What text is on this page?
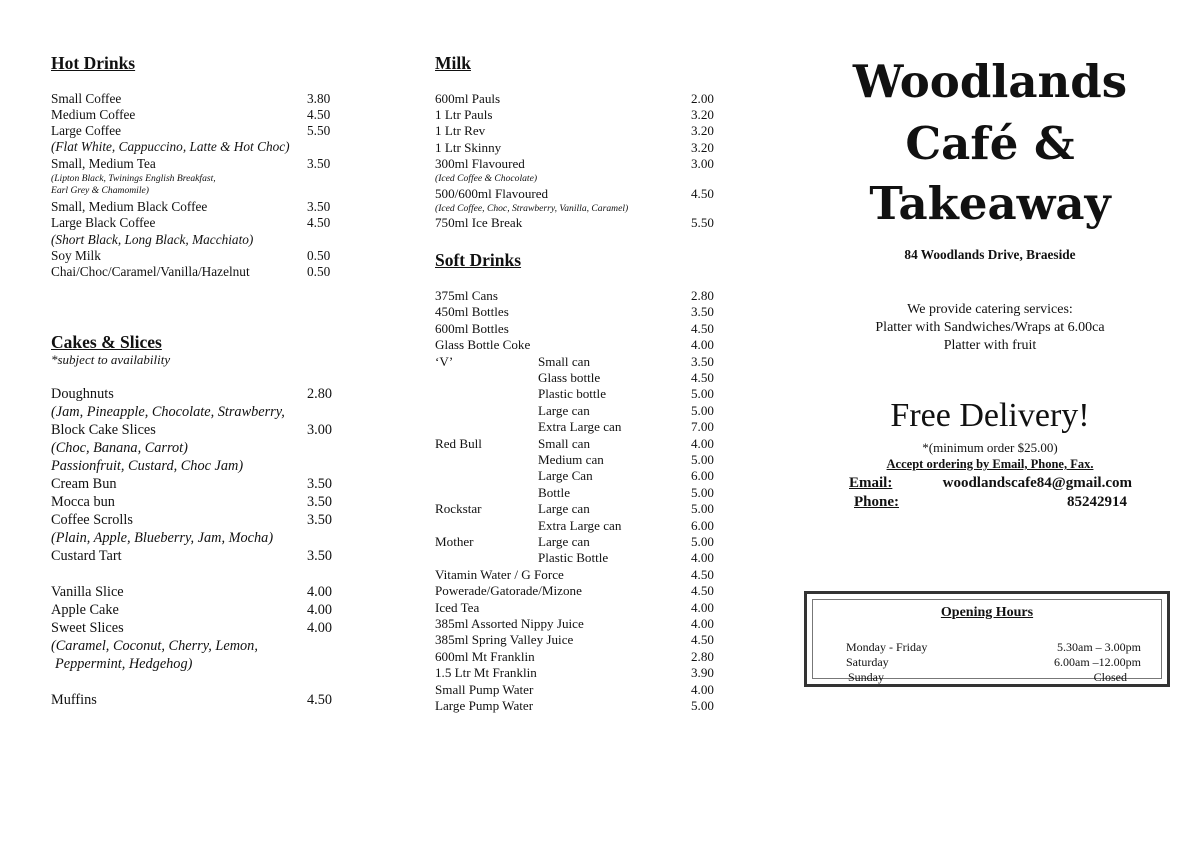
Hot Drinks
Small Coffee	3.80
Medium Coffee	4.50
Large Coffee	5.50
(Flat White, Cappuccino, Latte & Hot Choc)
Small, Medium Tea	3.50
(Lipton Black, Twinings English Breakfast,
Earl Grey & Chamomile)
Small, Medium Black Coffee	3.50
Large Black Coffee	4.50
(Short Black, Long Black, Macchiato)
Soy Milk	0.50
Chai/Choc/Caramel/Vanilla/Hazelnut	0.50
Cakes & Slices
*subject to availability
Doughnuts	2.80
(Jam, Pineapple, Chocolate, Strawberry,
Block Cake Slices	3.00
(Choc, Banana, Carrot)
Passionfruit, Custard, Choc Jam)
Cream Bun	3.50
Mocca bun	3.50
Coffee Scrolls	3.50
(Plain, Apple, Blueberry, Jam, Mocha)
Custard Tart	3.50
Vanilla Slice	4.00
Apple Cake	4.00
Sweet Slices	4.00
(Caramel, Coconut, Cherry, Lemon,
Peppermint, Hedgehog)
Muffins	4.50
Milk
600ml Pauls	2.00
1 Ltr Pauls	3.20
1 Ltr Rev	3.20
1 Ltr Skinny	3.20
300ml Flavoured	3.00
(Iced Coffee & Chocolate)
500/600ml Flavoured	4.50
(Iced Coffee, Choc, Strawberry, Vanilla, Caramel)
750ml Ice Break	5.50
Soft Drinks
375ml Cans	2.80
450ml Bottles	3.50
600ml Bottles	4.50
Glass Bottle Coke	4.00
‘V’	Small can	3.50
Glass bottle	4.50
Plastic bottle	5.00
Large can	5.00
Extra Large can	7.00
Red Bull	Small can	4.00
Medium can	5.00
Large Can	6.00
Bottle	5.00
Rockstar	Large can	5.00
Extra Large can	6.00
Mother	Large can	5.00
Plastic Bottle	4.00
Vitamin Water / G Force	4.50
Powerade/Gatorade/Mizone	4.50
Iced Tea	4.00
385ml Assorted Nippy Juice	4.00
385ml Spring Valley Juice	4.50
600ml Mt Franklin	2.80
1.5 Ltr Mt Franklin	3.90
Small Pump Water	4.00
Large Pump Water	5.00
Woodlands
Café &
Takeaway
84 Woodlands Drive, Braeside
We provide catering services:
Platter with Sandwiches/Wraps at 6.00ca
Platter with fruit
Free Delivery!
*(minimum order $25.00)
Accept ordering by Email, Phone, Fax.
Email:	woodlandscafe84@gmail.com
Phone:	85242914
Opening Hours
Monday - Friday	5.30am – 3.00pm
Saturday	6.00am –12.00pm
Sunday	Closed
